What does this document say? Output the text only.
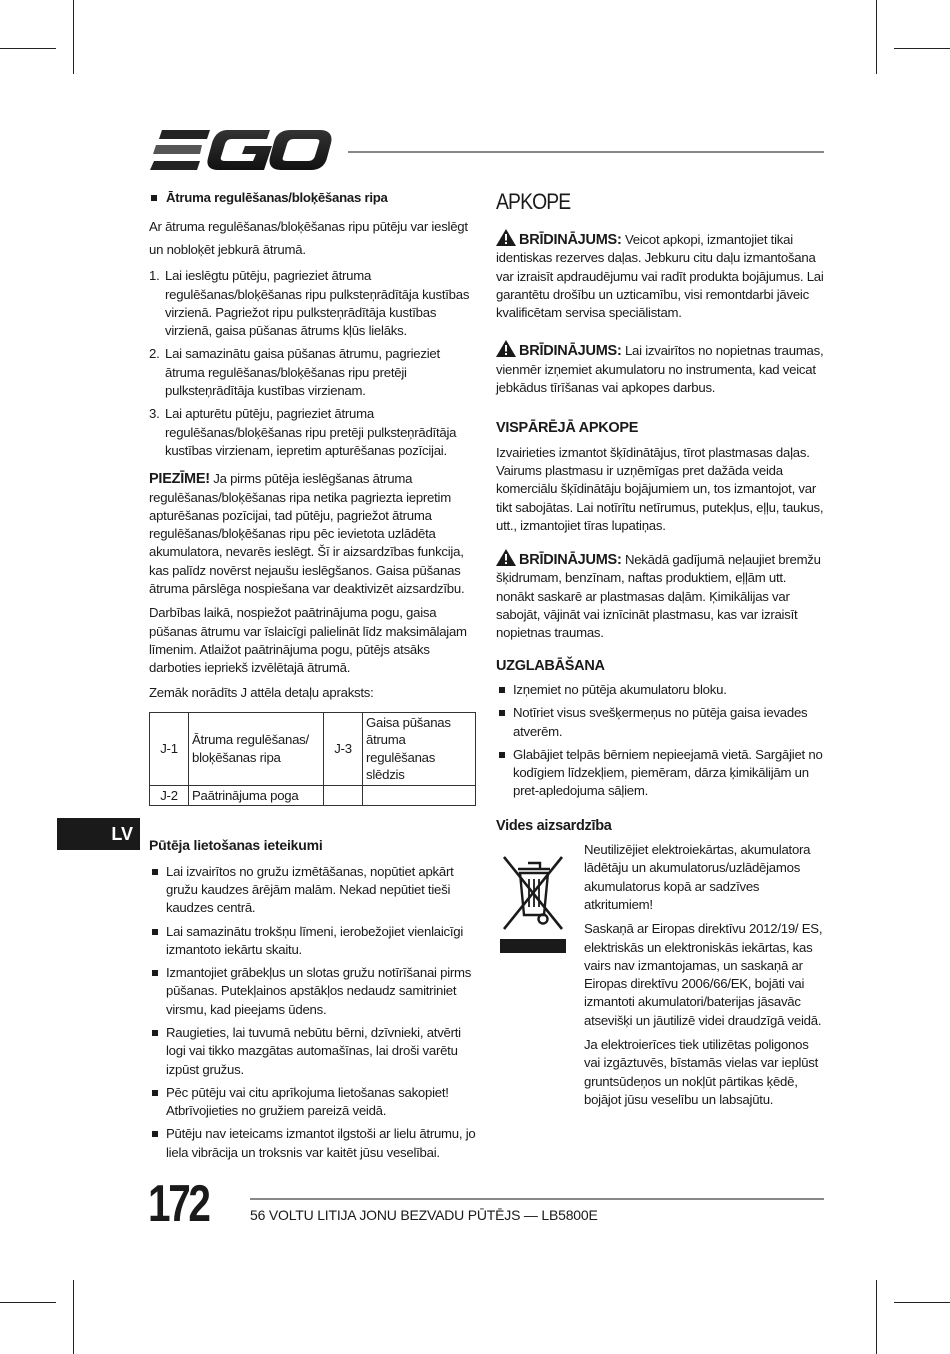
Ātruma regulēšanas/bloķēšanas ripa

Ar ātruma regulēšanas/bloķēšanas ripu pūtēju var ieslēgt un nobloķēt jebkurā ātrumā.

1. Lai ieslēgtu pūtēju, pagrieziet ātruma regulēšanas/bloķēšanas ripu pulksteņrādītāja kustības virzienā. Pagriežot ripu pulksteņrādītāja kustības virzienā, gaisa pūšanas ātrums kļūs lielāks.
2. Lai samazinātu gaisa pūšanas ātrumu, pagrieziet ātruma regulēšanas/bloķēšanas ripu pretēji pulksteņrādītāja kustības virzienam.
3. Lai apturētu pūtēju, pagrieziet ātruma regulēšanas/bloķēšanas ripu pretēji pulksteņrādītāja kustības virzienam, iepretim apturēšanas pozīcijai.

PIEZĪME! Ja pirms pūtēja ieslēgšanas ātruma regulēšanas/bloķēšanas ripa netika pagriezta iepretim apturēšanas pozīcijai, tad pūtēju, pagriežot ātruma regulēšanas/bloķēšanas ripu pēc ievietota uzlādēta akumulatora, nevarēs ieslēgt. Šī ir aizsardzības funkcija, kas palīdz novērst nejaušu ieslēgšanos. Gaisa pūšanas ātruma pārslēga nospiešana var deaktivizēt aizsardzību.

Darbības laikā, nospiežot paātrinājuma pogu, gaisa pūšanas ātrumu var īslaicīgi palielināt līdz maksimālajam līmenim. Atlaižot paātrinājuma pogu, pūtējs atsāks darboties iepriekš izvēlētajā ātrumā.

Zemāk norādīts J attēla detaļu apraksts:

J-1	Ātruma regulēšanas/ bloķēšanas ripa	J-3	Gaisa pūšanas ātruma regulēšanas slēdzis
J-2	Paātrinājuma poga		
Pūtēja lietošanas ieteikumi
Lai izvairītos no gružu izmētāšanas, nopūtiet apkārt gružu kaudzes ārējām malām. Nekad nepūtiet tieši kaudzes centrā.
Lai samazinātu trokšņu līmeni, ierobežojiet vienlaicīgi izmantoto iekārtu skaitu.
Izmantojiet grābekļus un slotas gružu notīrīšanai pirms pūšanas. Putekļainos apstākļos nedaudz samitriniet virsmu, kad pieejams ūdens.
Raugieties, lai tuvumā nebūtu bērni, dzīvnieki, atvērti logi vai tikko mazgātas automašīnas, lai droši varētu izpūst gružus.
Pēc pūtēju vai citu aprīkojuma lietošanas sakopiet! Atbrīvojieties no gružiem pareizā veidā.
Pūtēju nav ieteicams izmantot ilgstoši ar lielu ātrumu, jo liela vibrācija un troksnis var kaitēt jūsu veselībai.
APKOPE

BRĪDINĀJUMS: Veicot apkopi, izmantojiet tikai identiskas rezerves daļas. Jebkuru citu daļu izmantošana var izraisīt apdraudējumu vai radīt produkta bojājumus. Lai garantētu drošību un uzticamību, visi remontdarbi jāveic kvalificētam servisa speciālistam.

BRĪDINĀJUMS: Lai izvairītos no nopietnas traumas, vienmēr izņemiet akumulatoru no instrumenta, kad veicat jebkādus tīrīšanas vai apkopes darbus.

VISPĀRĒJĀ APKOPE

Izvairieties izmantot šķīdinātājus, tīrot plastmasas daļas. Vairums plastmasu ir uzņēmīgas pret dažāda veida komerciālu šķīdinātāju bojājumiem un, tos izmantojot, var tikt sabojātas. Lai notīrītu netīrumus, putekļus, eļļu, taukus, utt., izmantojiet tīras lupatiņas.

BRĪDINĀJUMS: Nekādā gadījumā neļaujiet bremžu šķidrumam, benzīnam, naftas produktiem, eļļām utt. nonākt saskarē ar plastmasas daļām. Ķimikālijas var sabojāt, vājināt vai iznīcināt plastmasu, kas var izraisīt nopietnas traumas.

UZGLABĀŠANA
Izņemiet no pūtēja akumulatoru bloku.
Notīriet visus svešķermeņus no pūtēja gaisa ievades atverēm.
Glabājiet telpās bērniem nepieejamā vietā. Sargājiet no kodīgiem līdzekļiem, piemēram, dārza ķimikālijām un pret-apledojuma sāļiem.
Vides aizsardzība

Neutilizējiet elektroiekārtas, akumulatora lādētāju un akumulatorus/uzlādējamos akumulatorus kopā ar sadzīves atkritumiem!

Saskaņā ar Eiropas direktīvu 2012/19/ ES, elektriskās un elektroniskās iekārtas, kas vairs nav izmantojamas, un saskaņā ar Eiropas direktīvu 2006/66/EK, bojāti vai izmantoti akumulatori/baterijas jāsavāc atsevišķi un jāutilizē videi draudzīgā veidā.

Ja elektroierīces tiek utilizētas poligonos vai izgāztuvēs, bīstamās vielas var ieplūst gruntsūdeņos un nokļūt pārtikas ķēdē, bojājot jūsu veselību un labsajūtu.

LV
172	56 VOLTU LITIJA JONU BEZVADU PŪTĒJS — LB5800E
